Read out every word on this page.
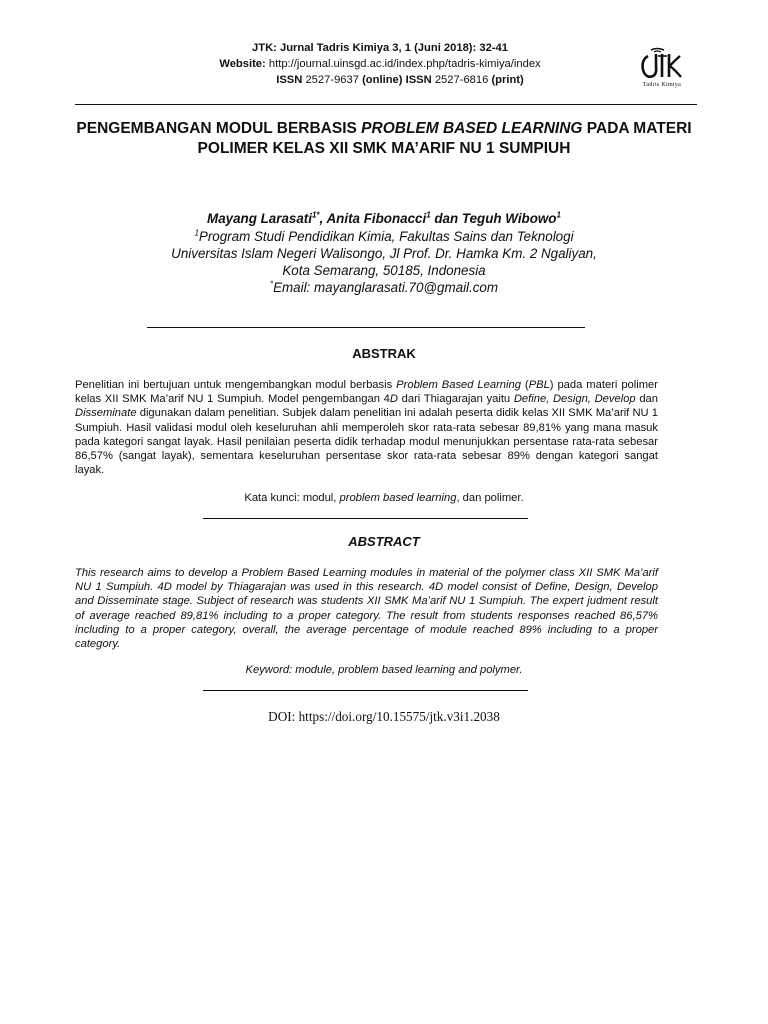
JTK: Jurnal Tadris Kimiya 3, 1 (Juni 2018): 32-41
Website: http://journal.uinsgd.ac.id/index.php/tadris-kimiya/index
ISSN 2527-9637 (online) ISSN 2527-6816 (print)	Tadris Kimiya
PENGEMBANGAN MODUL BERBASIS PROBLEM BASED LEARNING PADA MATERI POLIMER KELAS XII SMK MA’ARIF NU 1 SUMPIUH
Mayang Larasati$^{1*}$, Anita Fibonacci$^1$ dan Teguh Wibowo$^1$
$^1$Program Studi Pendidikan Kimia, Fakultas Sains dan Teknologi
Universitas Islam Negeri Walisongo, Jl Prof. Dr. Hamka Km. 2 Ngaliyan,
Kota Semarang, 50185, Indonesia
*Email: mayanglarasati.70@gmail.com
ABSTRAK
Penelitian ini bertujuan untuk mengembangkan modul berbasis Problem Based Learning (PBL) pada materi polimer kelas XII SMK Ma’arif NU 1 Sumpiuh. Model pengembangan 4D dari Thiagarajan yaitu Define, Design, Develop dan Disseminate digunakan dalam penelitian. Subjek dalam penelitian ini adalah peserta didik kelas XII SMK Ma’arif NU 1 Sumpiuh. Hasil validasi modul oleh keseluruhan ahli memperoleh skor rata-rata sebesar 89,81% yang mana masuk pada kategori sangat layak. Hasil penilaian peserta didik terhadap modul menunjukkan persentase rata-rata sebesar 86,57% (sangat layak), sementara keseluruhan persentase skor rata-rata sebesar 89% dengan kategori sangat layak.
Kata kunci: modul, problem based learning, dan polimer.
ABSTRACT
This research aims to develop a Problem Based Learning modules in material of the polymer class XII SMK Ma’arif NU 1 Sumpiuh. 4D model by Thiagarajan was used in this research. 4D model consist of Define, Design, Develop and Disseminate stage. Subject of research was students XII SMK Ma’arif NU 1 Sumpiuh. The expert judment result of average reached 89,81% including to a proper category. The result from students responses reached 86,57% including to a proper category, overall, the average percentage of module reached 89% including to a proper category.
Keyword: module, problem based learning and polymer.
DOI: https://doi.org/10.15575/jtk.v3i1.2038
